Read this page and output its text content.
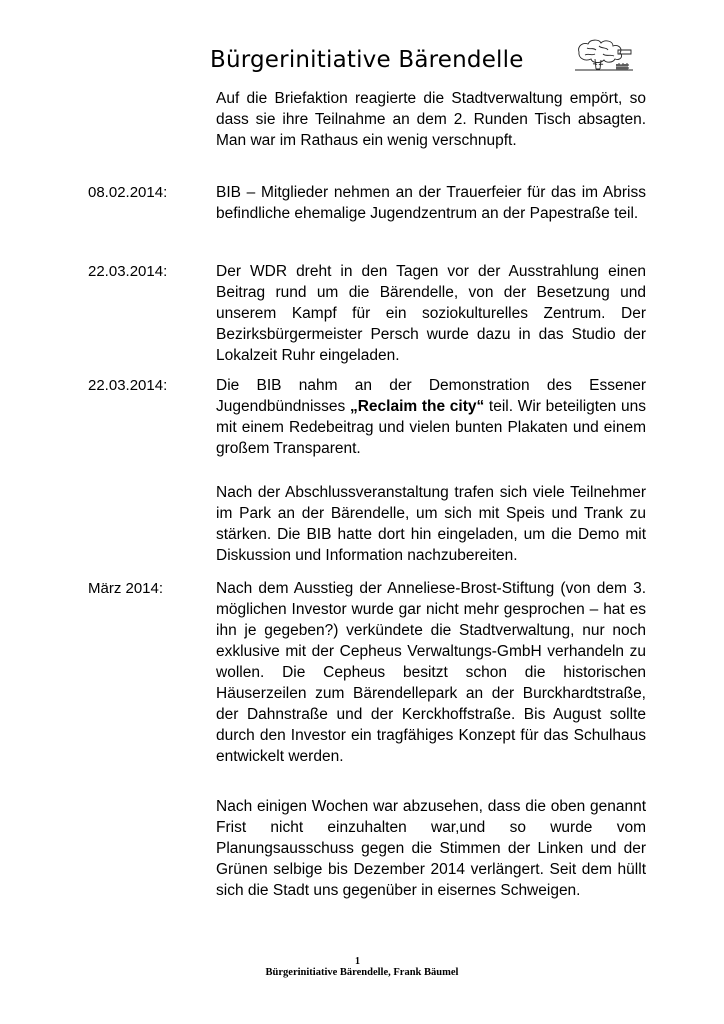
Bürgerinitiative Bärendelle

Auf die Briefaktion reagierte die Stadtverwaltung empört, so dass sie ihre Teilnahme an dem 2. Runden Tisch absagten. Man war im Rathaus ein wenig verschnupft.

08.02.2014:	BIB – Mitglieder nehmen an der Trauerfeier für das im Abriss befindliche ehemalige Jugendzentrum an der Papestraße teil.

22.03.2014:	Der WDR dreht in den Tagen vor der Ausstrahlung einen Beitrag rund um die Bärendelle, von der Besetzung und unserem Kampf für ein soziokulturelles Zentrum. Der Bezirksbürgermeister Persch wurde dazu in das Studio der Lokalzeit Ruhr eingeladen.

22.03.2014:	Die BIB nahm an der Demonstration des Essener Jugendbündnisses „Reclaim the city“ teil. Wir beteiligten uns mit einem Redebeitrag und vielen bunten Plakaten und einem großem Transparent.

Nach der Abschlussveranstaltung trafen sich viele Teilnehmer im Park an der Bärendelle, um sich mit Speis und Trank zu stärken. Die BIB hatte dort hin eingeladen, um die Demo mit Diskussion und Information nachzubereiten.

März 2014:	Nach dem Ausstieg der Anneliese-Brost-Stiftung (von dem 3. möglichen Investor wurde gar nicht mehr gesprochen – hat es ihn je gegeben?) verkündete die Stadtverwaltung, nur noch exklusive mit der Cepheus Verwaltungs-GmbH verhandeln zu wollen. Die Cepheus besitzt schon die historischen Häuserzeilen zum Bärendellepark an der Burckhardtstraße, der Dahnstraße und der Kerckhoffstraße. Bis August sollte durch den Investor ein tragfähiges Konzept für das Schulhaus entwickelt werden.

Nach einigen Wochen war abzusehen, dass die oben genannt Frist nicht einzuhalten war,und so wurde vom Planungsausschuss gegen die Stimmen der Linken und der Grünen selbige bis Dezember 2014 verlängert. Seit dem hüllt sich die Stadt uns gegenüber in eisernes Schweigen.

1
Bürgerinitiative Bärendelle, Frank Bäumel
